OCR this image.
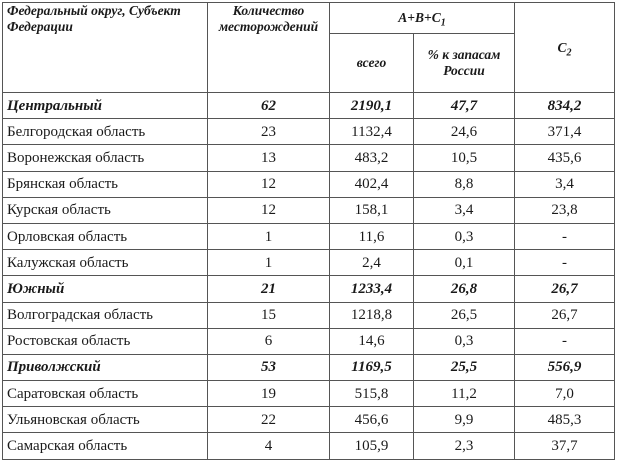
Федеральный округ, Субъект Федерации	Количество месторождений	$A+B+C_1$		$C_2$
		всего	% к запасам России	
Центральный	62	2190,1	47,7	834,2
Белгородская область	23	1132,4	24,6	371,4
Воронежская область	13	483,2	10,5	435,6
Брянская область	12	402,4	8,8	3,4
Курская область	12	158,1	3,4	23,8
Орловская область	1	11,6	0,3	-
Калужская область	1	2,4	0,1	-
Южный	21	1233,4	26,8	26,7
Волгоградская область	15	1218,8	26,5	26,7
Ростовская область	6	14,6	0,3	-
Приволжский	53	1169,5	25,5	556,9
Саратовская область	19	515,8	11,2	7,0
Ульяновская область	22	456,6	9,9	485,3
Самарская область	4	105,9	2,3	37,7
